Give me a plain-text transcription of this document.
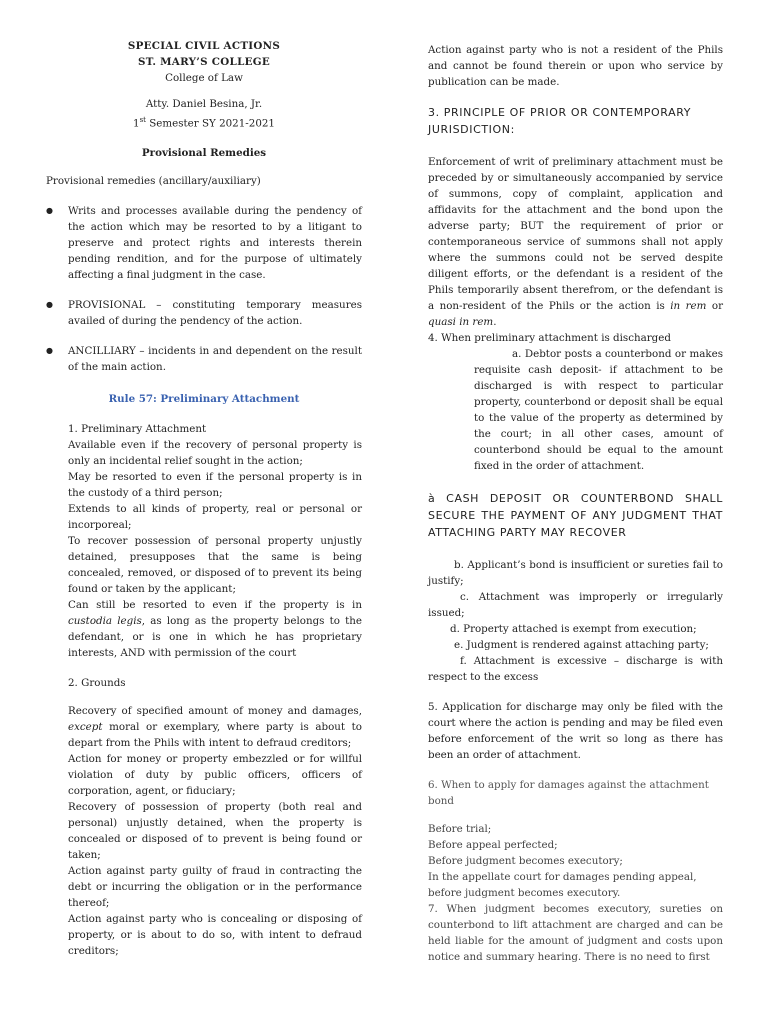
SPECIAL CIVIL ACTIONS
ST. MARY’S COLLEGE
College of Law
Atty. Daniel Besina, Jr.
1st Semester SY 2021-2021
Provisional Remedies
Provisional remedies (ancillary/auxiliary)
● Writs and processes available during the pendency of the action which may be resorted to by a litigant to preserve and protect rights and interests therein pending rendition, and for the purpose of ultimately affecting a final judgment in the case.
● PROVISIONAL – constituting temporary measures availed of during the pendency of the action.
● ANCILLIARY – incidents in and dependent on the result of the main action.
Rule 57: Preliminary Attachment
1. Preliminary Attachment
Available even if the recovery of personal property is only an incidental relief sought in the action;
May be resorted to even if the personal property is in the custody of a third person;
Extends to all kinds of property, real or personal or incorporeal;
To recover possession of personal property unjustly detained, presupposes that the same is being concealed, removed, or disposed of to prevent its being found or taken by the applicant;
Can still be resorted to even if the property is in custodia legis, as long as the property belongs to the defendant, or is one in which he has proprietary interests, AND with permission of the court
2. Grounds
Recovery of specified amount of money and damages, except moral or exemplary, where party is about to depart from the Phils with intent to defraud creditors;
Action for money or property embezzled or for willful violation of duty by public officers, officers of corporation, agent, or fiduciary;
Recovery of possession of property (both real and personal) unjustly detained, when the property is concealed or disposed of to prevent is being found or taken;
Action against party guilty of fraud in contracting the debt or incurring the obligation or in the performance thereof;
Action against party who is concealing or disposing of property, or is about to do so, with intent to defraud creditors;
Action against party who is not a resident of the Phils and cannot be found therein or upon who service by publication can be made.
3. PRINCIPLE OF PRIOR OR CONTEMPORARY JURISDICTION:
Enforcement of writ of preliminary attachment must be preceded by or simultaneously accompanied by service of summons, copy of complaint, application and affidavits for the attachment and the bond upon the adverse party; BUT the requirement of prior or contemporaneous service of summons shall not apply where the summons could not be served despite diligent efforts, or the defendant is a resident of the Phils temporarily absent therefrom, or the defendant is a non-resident of the Phils or the action is in rem or quasi in rem.
4. When preliminary attachment is discharged
a. Debtor posts a counterbond or makes requisite cash deposit- if attachment to be discharged is with respect to particular property, counterbond or deposit shall be equal to the value of the property as determined by the court; in all other cases, amount of counterbond should be equal to the amount fixed in the order of attachment.
à CASH DEPOSIT OR COUNTERBOND SHALL SECURE THE PAYMENT OF ANY JUDGMENT THAT ATTACHING PARTY MAY RECOVER
b. Applicant’s bond is insufficient or sureties fail to justify;
c. Attachment was improperly or irregularly issued;
d. Property attached is exempt from execution;
e. Judgment is rendered against attaching party;
f. Attachment is excessive – discharge is with respect to the excess
5. Application for discharge may only be filed with the court where the action is pending and may be filed even before enforcement of the writ so long as there has been an order of attachment.
6. When to apply for damages against the attachment bond
Before trial;
Before appeal perfected;
Before judgment becomes executory;
In the appellate court for damages pending appeal, before judgment becomes executory.
7. When judgment becomes executory, sureties on counterbond to lift attachment are charged and can be held liable for the amount of judgment and costs upon notice and summary hearing. There is no need to first
